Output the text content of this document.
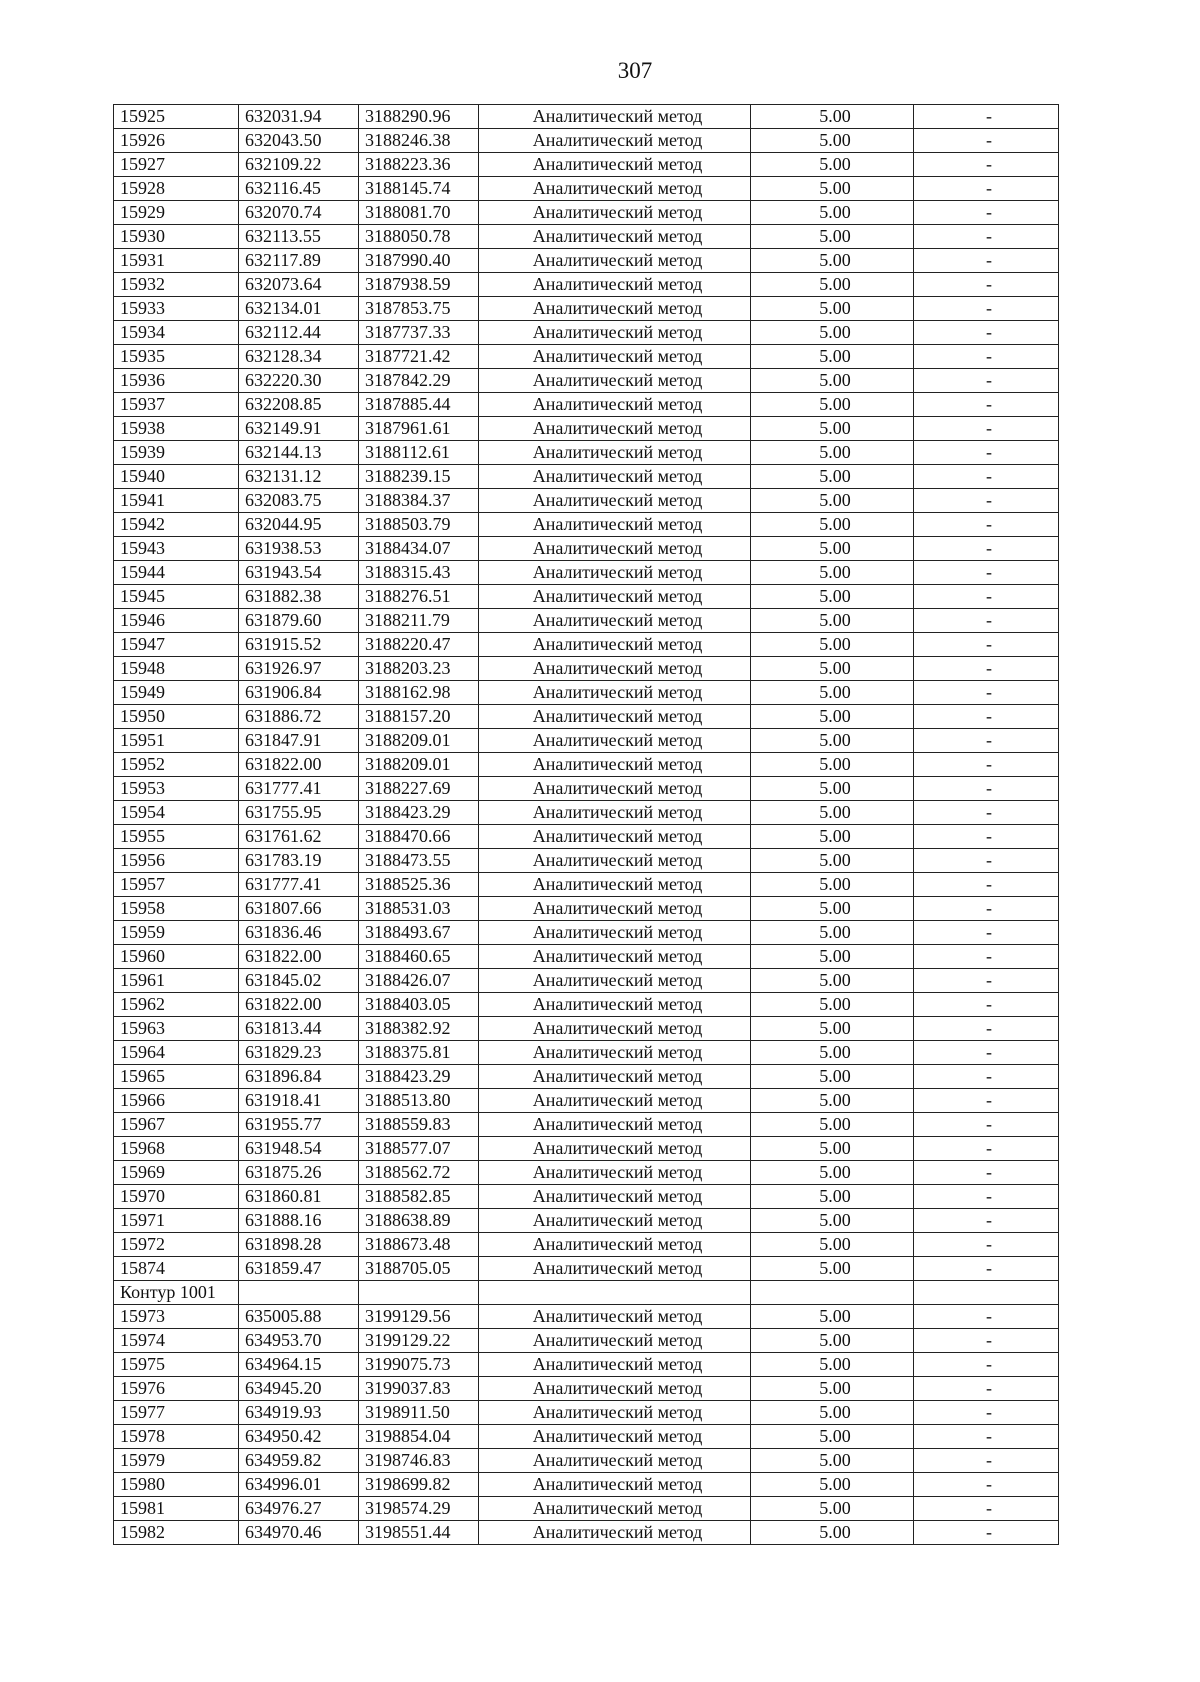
307
15925	632031.94	3188290.96	Аналитический метод	5.00	-
15926	632043.50	3188246.38	Аналитический метод	5.00	-
15927	632109.22	3188223.36	Аналитический метод	5.00	-
15928	632116.45	3188145.74	Аналитический метод	5.00	-
15929	632070.74	3188081.70	Аналитический метод	5.00	-
15930	632113.55	3188050.78	Аналитический метод	5.00	-
15931	632117.89	3187990.40	Аналитический метод	5.00	-
15932	632073.64	3187938.59	Аналитический метод	5.00	-
15933	632134.01	3187853.75	Аналитический метод	5.00	-
15934	632112.44	3187737.33	Аналитический метод	5.00	-
15935	632128.34	3187721.42	Аналитический метод	5.00	-
15936	632220.30	3187842.29	Аналитический метод	5.00	-
15937	632208.85	3187885.44	Аналитический метод	5.00	-
15938	632149.91	3187961.61	Аналитический метод	5.00	-
15939	632144.13	3188112.61	Аналитический метод	5.00	-
15940	632131.12	3188239.15	Аналитический метод	5.00	-
15941	632083.75	3188384.37	Аналитический метод	5.00	-
15942	632044.95	3188503.79	Аналитический метод	5.00	-
15943	631938.53	3188434.07	Аналитический метод	5.00	-
15944	631943.54	3188315.43	Аналитический метод	5.00	-
15945	631882.38	3188276.51	Аналитический метод	5.00	-
15946	631879.60	3188211.79	Аналитический метод	5.00	-
15947	631915.52	3188220.47	Аналитический метод	5.00	-
15948	631926.97	3188203.23	Аналитический метод	5.00	-
15949	631906.84	3188162.98	Аналитический метод	5.00	-
15950	631886.72	3188157.20	Аналитический метод	5.00	-
15951	631847.91	3188209.01	Аналитический метод	5.00	-
15952	631822.00	3188209.01	Аналитический метод	5.00	-
15953	631777.41	3188227.69	Аналитический метод	5.00	-
15954	631755.95	3188423.29	Аналитический метод	5.00	-
15955	631761.62	3188470.66	Аналитический метод	5.00	-
15956	631783.19	3188473.55	Аналитический метод	5.00	-
15957	631777.41	3188525.36	Аналитический метод	5.00	-
15958	631807.66	3188531.03	Аналитический метод	5.00	-
15959	631836.46	3188493.67	Аналитический метод	5.00	-
15960	631822.00	3188460.65	Аналитический метод	5.00	-
15961	631845.02	3188426.07	Аналитический метод	5.00	-
15962	631822.00	3188403.05	Аналитический метод	5.00	-
15963	631813.44	3188382.92	Аналитический метод	5.00	-
15964	631829.23	3188375.81	Аналитический метод	5.00	-
15965	631896.84	3188423.29	Аналитический метод	5.00	-
15966	631918.41	3188513.80	Аналитический метод	5.00	-
15967	631955.77	3188559.83	Аналитический метод	5.00	-
15968	631948.54	3188577.07	Аналитический метод	5.00	-
15969	631875.26	3188562.72	Аналитический метод	5.00	-
15970	631860.81	3188582.85	Аналитический метод	5.00	-
15971	631888.16	3188638.89	Аналитический метод	5.00	-
15972	631898.28	3188673.48	Аналитический метод	5.00	-
15874	631859.47	3188705.05	Аналитический метод	5.00	-
Контур 1001					
15973	635005.88	3199129.56	Аналитический метод	5.00	-
15974	634953.70	3199129.22	Аналитический метод	5.00	-
15975	634964.15	3199075.73	Аналитический метод	5.00	-
15976	634945.20	3199037.83	Аналитический метод	5.00	-
15977	634919.93	3198911.50	Аналитический метод	5.00	-
15978	634950.42	3198854.04	Аналитический метод	5.00	-
15979	634959.82	3198746.83	Аналитический метод	5.00	-
15980	634996.01	3198699.82	Аналитический метод	5.00	-
15981	634976.27	3198574.29	Аналитический метод	5.00	-
15982	634970.46	3198551.44	Аналитический метод	5.00	-
